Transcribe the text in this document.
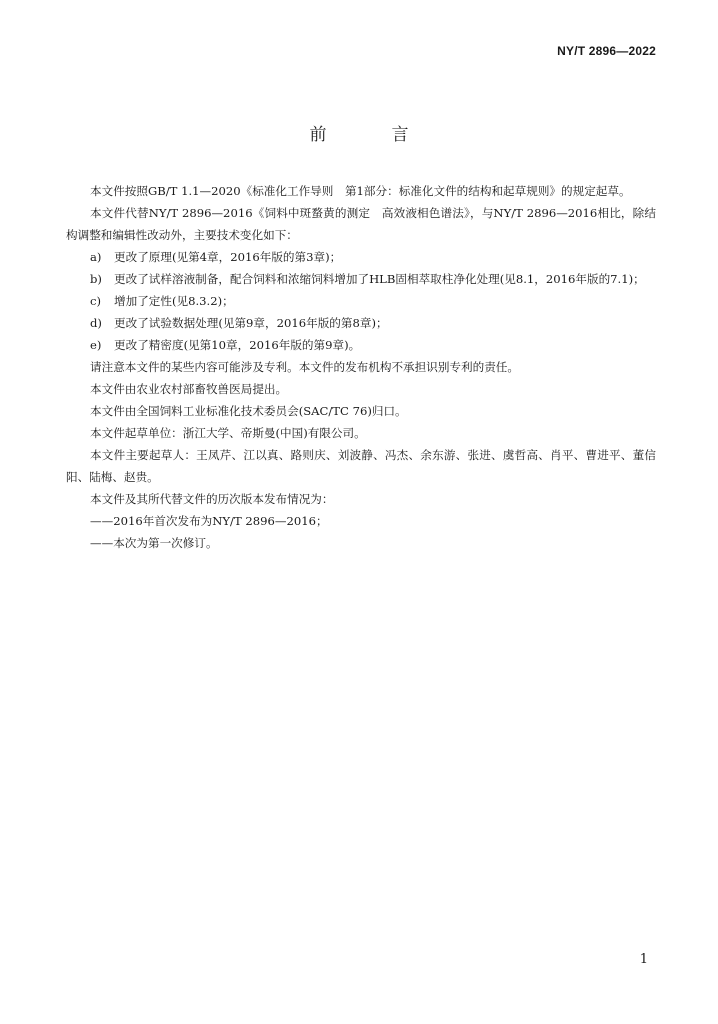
NY/T 2896—2022
前　言

本文件按照GB/T 1.1—2020《标准化工作导则　第1部分：标准化文件的结构和起草规则》的规定起草。

本文件代替NY/T 2896—2016《饲料中斑蝥黄的测定　高效液相色谱法》，与NY/T 2896—2016相比，除结构调整和编辑性改动外，主要技术变化如下：

a)	更改了原理(见第4章，2016年版的第3章)；
b)	更改了试样溶液制备，配合饲料和浓缩饲料增加了HLB固相萃取柱净化处理(见8.1，2016年版的7.1)；
c)	增加了定性(见8.3.2)；
d)	更改了试验数据处理(见第9章，2016年版的第8章)；
e)	更改了精密度(见第10章，2016年版的第9章)。

请注意本文件的某些内容可能涉及专利。本文件的发布机构不承担识别专利的责任。

本文件由农业农村部畜牧兽医局提出。

本文件由全国饲料工业标准化技术委员会(SAC/TC 76)归口。

本文件起草单位：浙江大学、帝斯曼(中国)有限公司。

本文件主要起草人：王凤芹、江以真、路则庆、刘波静、冯杰、余东游、张进、虞哲高、肖平、曹进平、董信阳、陆梅、赵贵。

本文件及其所代替文件的历次版本发布情况为：

——2016年首次发布为NY/T 2896—2016；

——本次为第一次修订。

1
